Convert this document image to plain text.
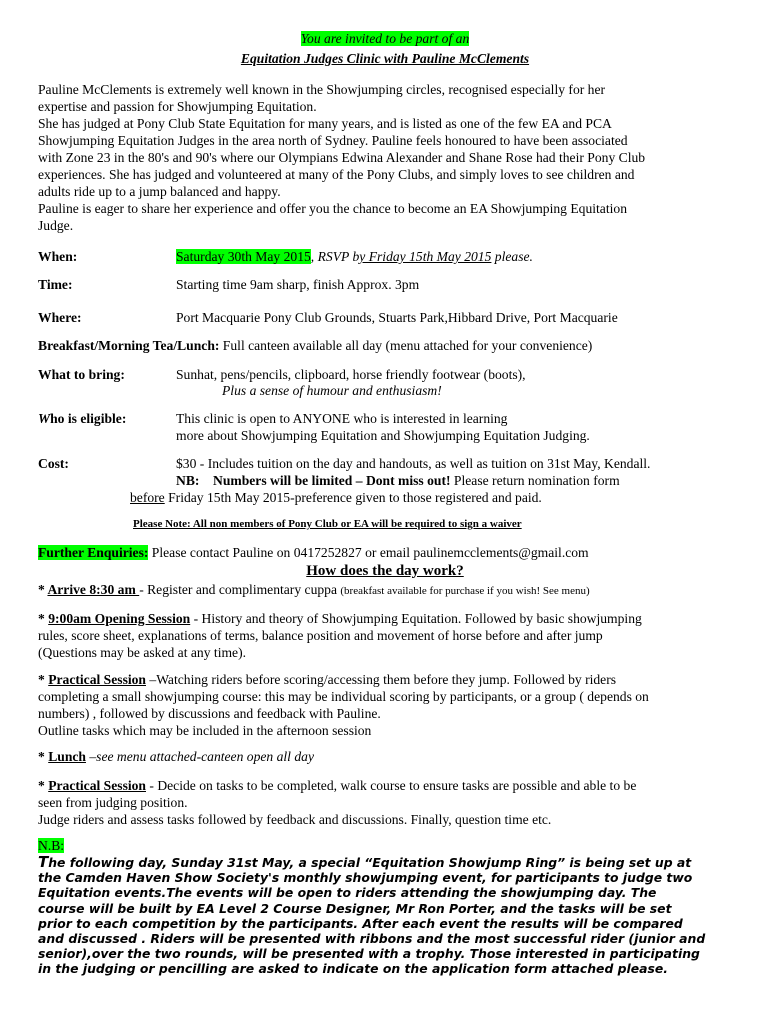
You are invited to be part of an
Equitation Judges Clinic with Pauline McClements
Pauline McClements is extremely well known in the Showjumping circles, recognised especially for her
expertise and passion for Showjumping Equitation.
She has judged at Pony Club State Equitation for many years, and is listed as one of the few EA and PCA
Showjumping Equitation Judges in the area north of Sydney. Pauline feels honoured to have been associated
with Zone 23 in the 80's and 90's where our Olympians Edwina Alexander and Shane Rose had their Pony Club
experiences. She has judged and volunteered at many of the Pony Clubs, and simply loves to see children and
adults ride up to a jump balanced and happy.
Pauline is eager to share her experience and offer you the chance to become an EA Showjumping Equitation
Judge.
When:	Saturday 30th May 2015, RSVP by Friday 15th May 2015 please.
Time:	Starting time 9am sharp, finish Approx. 3pm
Where:	Port Macquarie Pony Club Grounds, Stuarts Park,Hibbard Drive, Port Macquarie
Breakfast/Morning Tea/Lunch: Full canteen available all day (menu attached for your convenience)
What to bring:	Sunhat, pens/pencils, clipboard, horse friendly footwear (boots),
Plus a sense of humour and enthusiasm!
Who is eligible:	This clinic is open to ANYONE who is interested in learning
more about Showjumping Equitation and Showjumping Equitation Judging.
Cost:	$30 - Includes tuition on the day and handouts, as well as tuition on 31st May, Kendall.
NB: Numbers will be limited – Dont miss out! Please return nomination form
before Friday 15th May 2015-preference given to those registered and paid.
Please Note: All non members of Pony Club or EA will be required to sign a waiver
Further Enquiries: Please contact Pauline on 0417252827 or email paulinemcclements@gmail.com
How does the day work?
* Arrive 8:30 am - Register and complimentary cuppa (breakfast available for purchase if you wish! See menu)
* 9:00am Opening Session - History and theory of Showjumping Equitation. Followed by basic showjumping
rules, score sheet, explanations of terms, balance position and movement of horse before and after jump
(Questions may be asked at any time).
* Practical Session –Watching riders before scoring/accessing them before they jump. Followed by riders
completing a small showjumping course: this may be individual scoring by participants, or a group ( depends on
numbers) , followed by discussions and feedback with Pauline.
Outline tasks which may be included in the afternoon session
* Lunch –see menu attached-canteen open all day
* Practical Session - Decide on tasks to be completed, walk course to ensure tasks are possible and able to be
seen from judging position.
Judge riders and assess tasks followed by feedback and discussions. Finally, question time etc.
N.B:
The following day, Sunday 31st May, a special “Equitation Showjump Ring” is being set up at
the Camden Haven Show Society's monthly showjumping event, for participants to judge two
Equitation events.The events will be open to riders attending the showjumping day. The
course will be built by EA Level 2 Course Designer, Mr Ron Porter, and the tasks will be set
prior to each competition by the participants. After each event the results will be compared
and discussed . Riders will be presented with ribbons and the most successful rider (junior and
senior),over the two rounds, will be presented with a trophy. Those interested in participating
in the judging or pencilling are asked to indicate on the application form attached please.
